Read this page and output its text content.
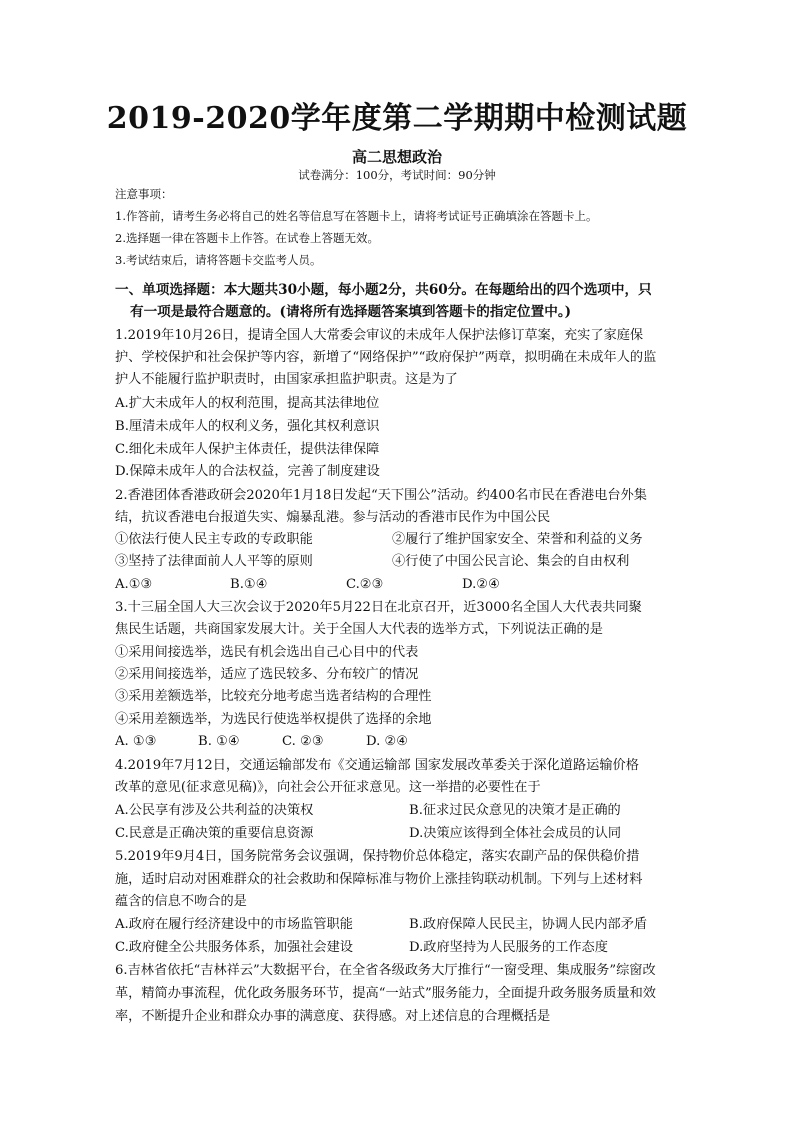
2019-2020学年度第二学期期中检测试题
高二思想政治
试卷满分：100分，考试时间：90分钟
注意事项：
1.作答前，请考生务必将自己的姓名等信息写在答题卡上，请将考试证号正确填涂在答题卡上。
2.选择题一律在答题卡上作答。在试卷上答题无效。
3.考试结束后，请将答题卡交监考人员。
一、单项选择题：本大题共30小题，每小题2分，共60分。在每题给出的四个选项中，只
有一项是最符合题意的。(请将所有选择题答案填到答题卡的指定位置中。)
1.2019年10月26日，提请全国人大常委会审议的未成年人保护法修订草案，充实了家庭保
护、学校保护和社会保护等内容，新增了“网络保护”“政府保护”两章，拟明确在未成年人的监
护人不能履行监护职责时，由国家承担监护职责。这是为了
A.扩大未成年人的权利范围，提高其法律地位
B.厘清未成年人的权利义务，强化其权利意识
C.细化未成年人保护主体责任，提供法律保障
D.保障未成年人的合法权益，完善了制度建设
2.香港团体香港政研会2020年1月18日发起“天下围公”活动。约400名市民在香港电台外集
结，抗议香港电台报道失实、煽暴乱港。参与活动的香港市民作为中国公民
①依法行使人民主专政的专政职能	②履行了维护国家安全、荣誉和利益的义务
③坚持了法律面前人人平等的原则	④行使了中国公民言论、集会的自由权利
A.①③	B.①④	C.②③	D.②④
3.十三届全国人大三次会议于2020年5月22日在北京召开，近3000名全国人大代表共同聚
焦民生话题，共商国家发展大计。关于全国人大代表的选举方式，下列说法正确的是
①采用间接选举，选民有机会选出自己心目中的代表
②采用间接选举，适应了选民较多、分布较广的情况
③采用差额选举，比较充分地考虑当选者结构的合理性
④采用差额选举，为选民行使选举权提供了选择的余地
A. ①③	B. ①④	C. ②③	D. ②④
4.2019年7月12日，交通运输部发布《交通运输部 国家发展改革委关于深化道路运输价格
改革的意见(征求意见稿)》，向社会公开征求意见。这一举措的必要性在于
A.公民享有涉及公共利益的决策权	B.征求过民众意见的决策才是正确的
C.民意是正确决策的重要信息资源	D.决策应该得到全体社会成员的认同
5.2019年9月4日，国务院常务会议强调，保持物价总体稳定，落实农副产品的保供稳价措
施，适时启动对困难群众的社会救助和保障标准与物价上涨挂钩联动机制。下列与上述材料
蕴含的信息不吻合的是
A.政府在履行经济建设中的市场监管职能	B.政府保障人民民主，协调人民内部矛盾
C.政府健全公共服务体系，加强社会建设	D.政府坚持为人民服务的工作态度
6.吉林省依托“吉林祥云”大数据平台，在全省各级政务大厅推行“一窗受理、集成服务”综窗改
革，精简办事流程，优化政务服务环节，提高“一站式”服务能力，全面提升政务服务质量和效
率，不断提升企业和群众办事的满意度、获得感。对上述信息的合理概括是
